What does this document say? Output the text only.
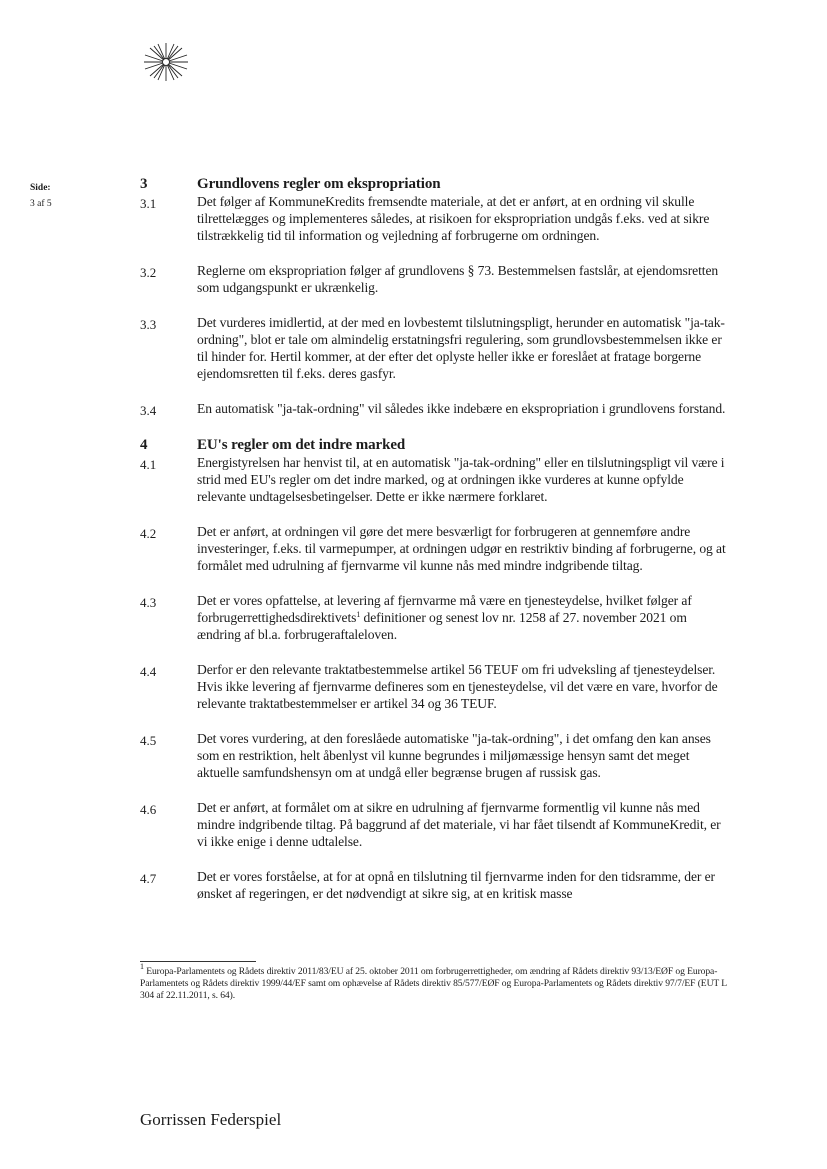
Side:
3 af 5
3	Grundlovens regler om ekspropriation
3.1	Det følger af KommuneKredits fremsendte materiale, at det er anført, at en ordning vil skulle tilrettelægges og implementeres således, at risikoen for ekspropriation undgås f.eks. ved at sikre tilstrækkelig tid til information og vejledning af forbrugerne om ordningen.
3.2	Reglerne om ekspropriation følger af grundlovens § 73. Bestemmelsen fastslår, at ejendomsretten som udgangspunkt er ukrænkelig.
3.3	Det vurderes imidlertid, at der med en lovbestemt tilslutningspligt, herunder en automatisk "ja-tak-ordning", blot er tale om almindelig erstatningsfri regulering, som grundlovsbestemmelsen ikke er til hinder for. Hertil kommer, at der efter det oplyste heller ikke er foreslået at fratage borgerne ejendomsretten til f.eks. deres gasfyr.
3.4	En automatisk "ja-tak-ordning" vil således ikke indebære en ekspropriation i grundlovens forstand.
4	EU's regler om det indre marked
4.1	Energistyrelsen har henvist til, at en automatisk "ja-tak-ordning" eller en tilslutningspligt vil være i strid med EU's regler om det indre marked, og at ordningen ikke vurderes at kunne opfylde relevante undtagelsesbetingelser. Dette er ikke nærmere forklaret.
4.2	Det er anført, at ordningen vil gøre det mere besværligt for forbrugeren at gennemføre andre investeringer, f.eks. til varmepumper, at ordningen udgør en restriktiv binding af forbrugerne, og at formålet med udrulning af fjernvarme vil kunne nås med mindre indgribende tiltag.
4.3	Det er vores opfattelse, at levering af fjernvarme må være en tjenesteydelse, hvilket følger af forbrugerrettighedsdirektivets$^1$ definitioner og senest lov nr. 1258 af 27. november 2021 om ændring af bl.a. forbrugeraftaleloven.
4.4	Derfor er den relevante traktatbestemmelse artikel 56 TEUF om fri udveksling af tjenesteydelser. Hvis ikke levering af fjernvarme defineres som en tjenesteydelse, vil det være en vare, hvorfor de relevante traktatbestemmelser er artikel 34 og 36 TEUF.
4.5	Det vores vurdering, at den foreslåede automatiske "ja-tak-ordning", i det omfang den kan anses som en restriktion, helt åbenlyst vil kunne begrundes i miljømæssige hensyn samt det meget aktuelle samfundshensyn om at undgå eller begrænse brugen af russisk gas.
4.6	Det er anført, at formålet om at sikre en udrulning af fjernvarme formentlig vil kunne nås med mindre indgribende tiltag. På baggrund af det materiale, vi har fået tilsendt af KommuneKredit, er vi ikke enige i denne udtalelse.
4.7	Det er vores forståelse, at for at opnå en tilslutning til fjernvarme inden for den tidsramme, der er ønsket af regeringen, er det nødvendigt at sikre sig, at en kritisk masse
$^1$ Europa-Parlamentets og Rådets direktiv 2011/83/EU af 25. oktober 2011 om forbrugerrettigheder, om ændring af Rådets direktiv 93/13/EØF og Europa-Parlamentets og Rådets direktiv 1999/44/EF samt om ophævelse af Rådets direktiv 85/577/EØF og Europa-Parlamentets og Rådets direktiv 97/7/EF (EUT L 304 af 22.11.2011, s. 64).
Gorrissen Federspiel
